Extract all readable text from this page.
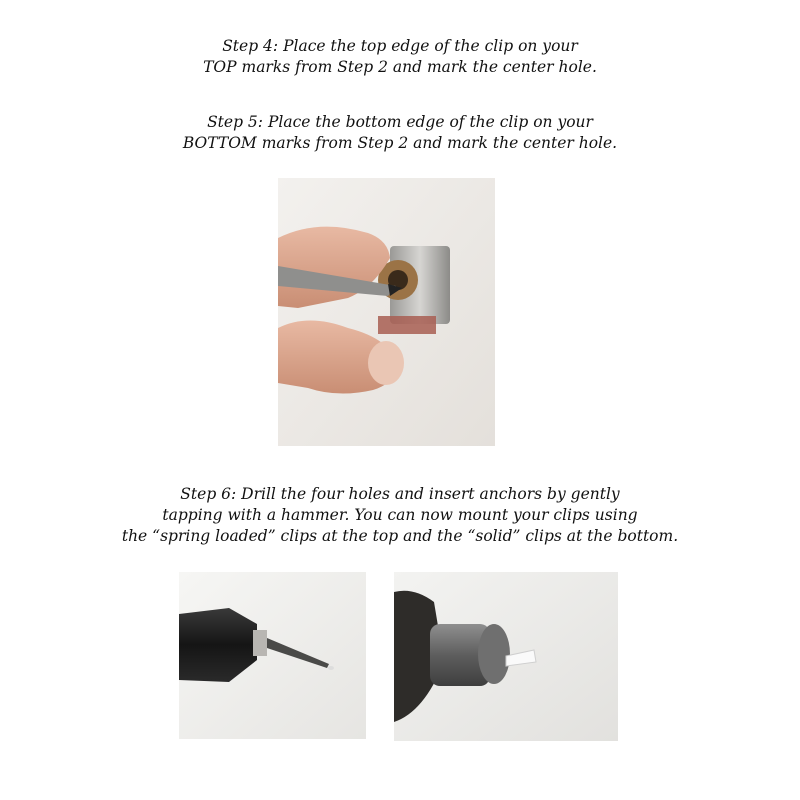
Step 4: Place the top edge of the clip on your
TOP marks from Step 2 and mark the center hole.
Step 5: Place the bottom edge of the clip on your
BOTTOM marks from Step 2 and mark the center hole.
Step 6: Drill the four holes and insert anchors by gently
tapping with a hammer. You can now mount your clips using
the “spring loaded” clips at the top and the “solid” clips at the bottom.
